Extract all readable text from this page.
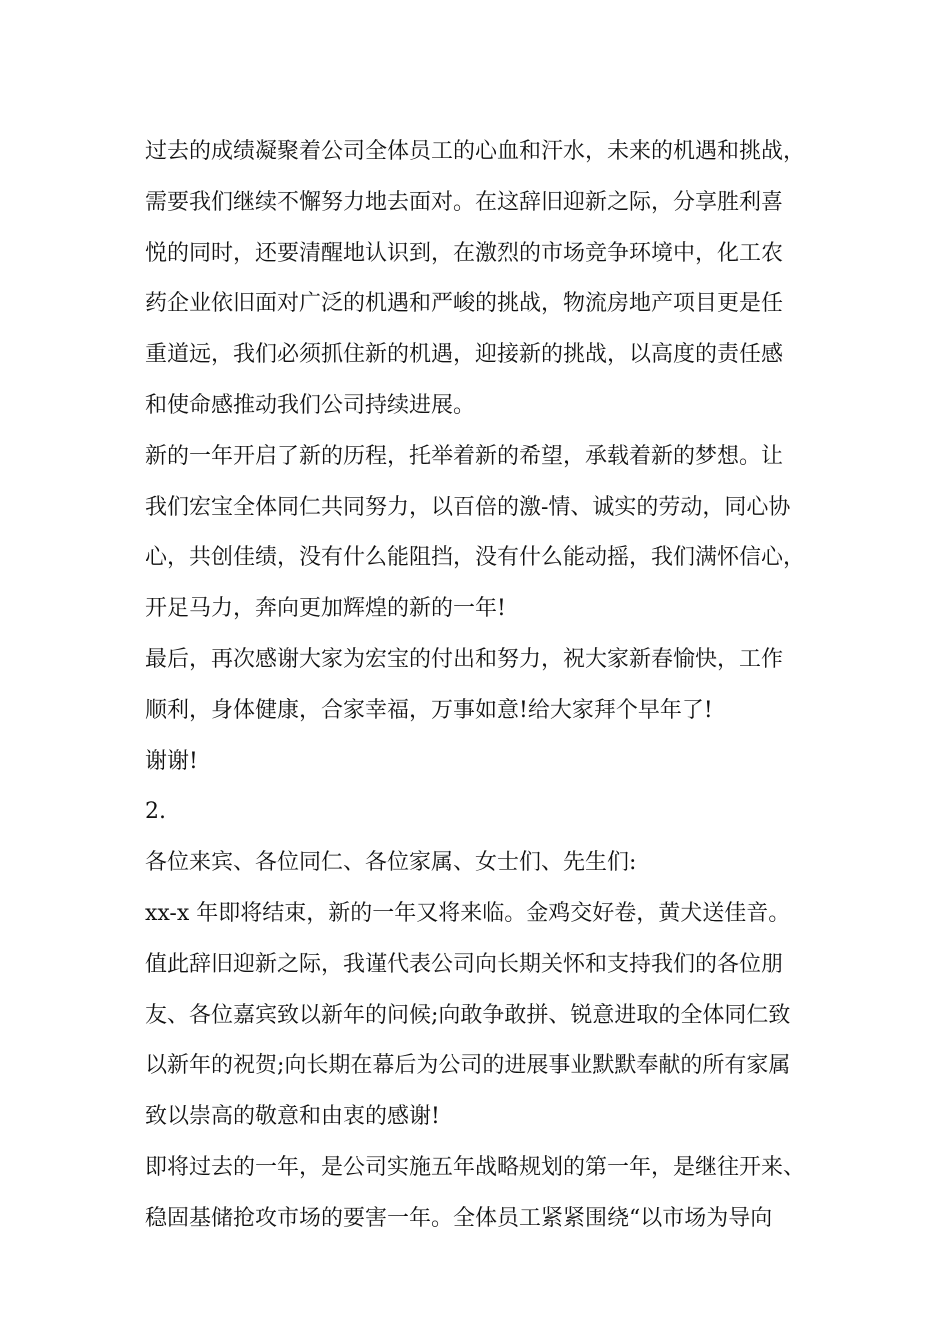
过去的成绩凝聚着公司全体员工的心血和汗水，未来的机遇和挑战，
需要我们继续不懈努力地去面对。在这辞旧迎新之际，分享胜利喜
悦的同时，还要清醒地认识到，在激烈的市场竞争环境中，化工农
药企业依旧面对广泛的机遇和严峻的挑战，物流房地产项目更是任
重道远，我们必须抓住新的机遇，迎接新的挑战，以高度的责任感
和使命感推动我们公司持续进展。

新的一年开启了新的历程，托举着新的希望，承载着新的梦想。让
我们宏宝全体同仁共同努力，以百倍的激-情、诚实的劳动，同心协
心，共创佳绩，没有什么能阻挡，没有什么能动摇，我们满怀信心，
开足马力，奔向更加辉煌的新的一年!

最后，再次感谢大家为宏宝的付出和努力，祝大家新春愉快，工作
顺利，身体健康，合家幸福，万事如意!给大家拜个早年了!

谢谢!

2.

各位来宾、各位同仁、各位家属、女士们、先生们:

xx-x 年即将结束，新的一年又将来临。金鸡交好卷，黄犬送佳音。
值此辞旧迎新之际，我谨代表公司向长期关怀和支持我们的各位朋
友、各位嘉宾致以新年的问候;向敢争敢拼、锐意进取的全体同仁致
以新年的祝贺;向长期在幕后为公司的进展事业默默奉献的所有家属
致以崇高的敬意和由衷的感谢!

即将过去的一年，是公司实施五年战略规划的第一年，是继往开来、
稳固基储抢攻市场的要害一年。全体员工紧紧围绕“以市场为导向
